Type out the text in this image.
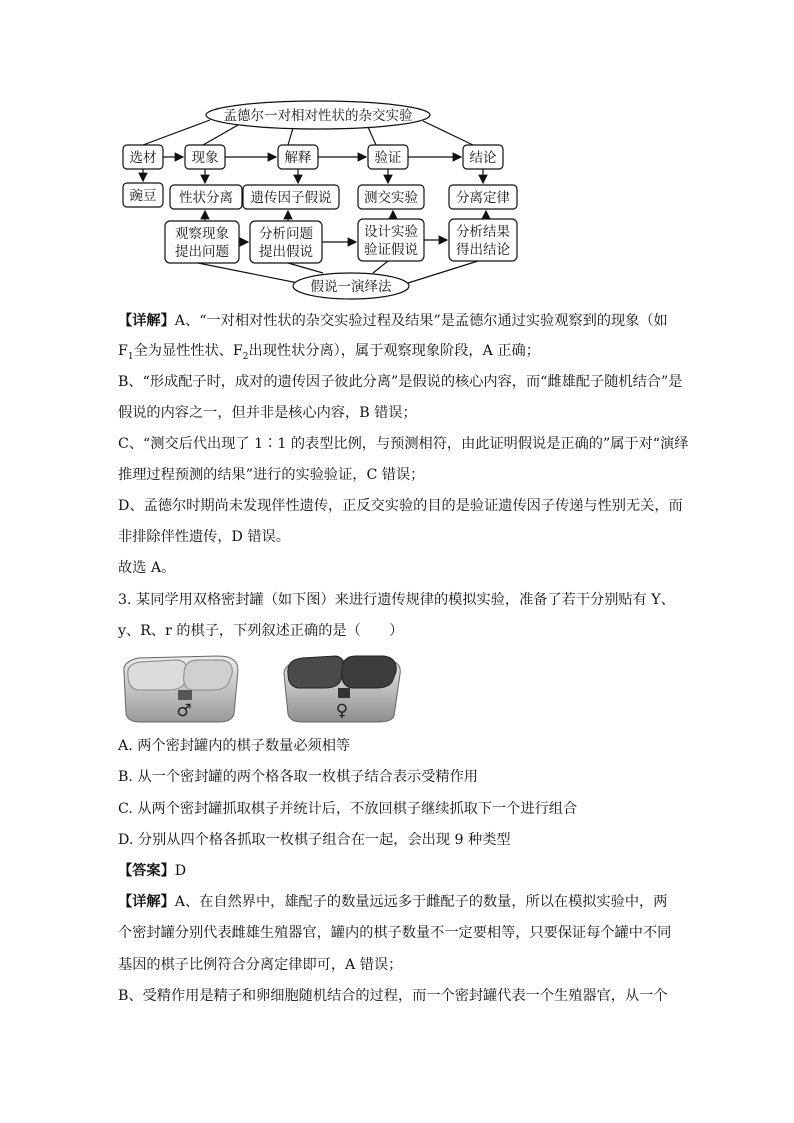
孟德尔一对相对性状的杂交实验
选材	现象	解释	验证	结论
豌豆 性状分离 遗传因子假说 测交实验	分离定律
观察现象
提出问题
分析问题
提出假说
设计实验
验证假说
分析结果
得出结论
假说一演绎法
【详解】A、“一对相对性状的杂交实验过程及结果”是孟德尔通过实验观察到的现象（如
$F_1$全为显性性状、$F_2$出现性状分离），属于观察现象阶段，A 正确；
B、“形成配子时，成对的遗传因子彼此分离”是假说的核心内容，而“雌雄配子随机结合”是
假说的内容之一，但并非是核心内容，B 错误；
C、“测交后代出现了 1∶1 的表型比例，与预测相符，由此证明假说是正确的”属于对“演绎
推理过程预测的结果”进行的实验验证，C 错误；
D、孟德尔时期尚未发现伴性遗传，正反交实验的目的是验证遗传因子传递与性别无关，而
非排除伴性遗传，D 错误。
故选 A。
3. 某同学用双格密封罐（如下图）来进行遗传规律的模拟实验，准备了若干分别贴有 Y、
y、R、r 的棋子，下列叙述正确的是（　　）
♂	♀
A. 两个密封罐内的棋子数量必须相等
B. 从一个密封罐的两个格各取一枚棋子结合表示受精作用
C. 从两个密封罐抓取棋子并统计后，不放回棋子继续抓取下一个进行组合
D. 分别从四个格各抓取一枚棋子组合在一起，会出现 9 种类型
【答案】D
【详解】A、在自然界中，雄配子的数量远远多于雌配子的数量，所以在模拟实验中，两
个密封罐分别代表雌雄生殖器官，罐内的棋子数量不一定要相等，只要保证每个罐中不同
基因的棋子比例符合分离定律即可，A 错误；
B、受精作用是精子和卵细胞随机结合的过程，而一个密封罐代表一个生殖器官，从一个
